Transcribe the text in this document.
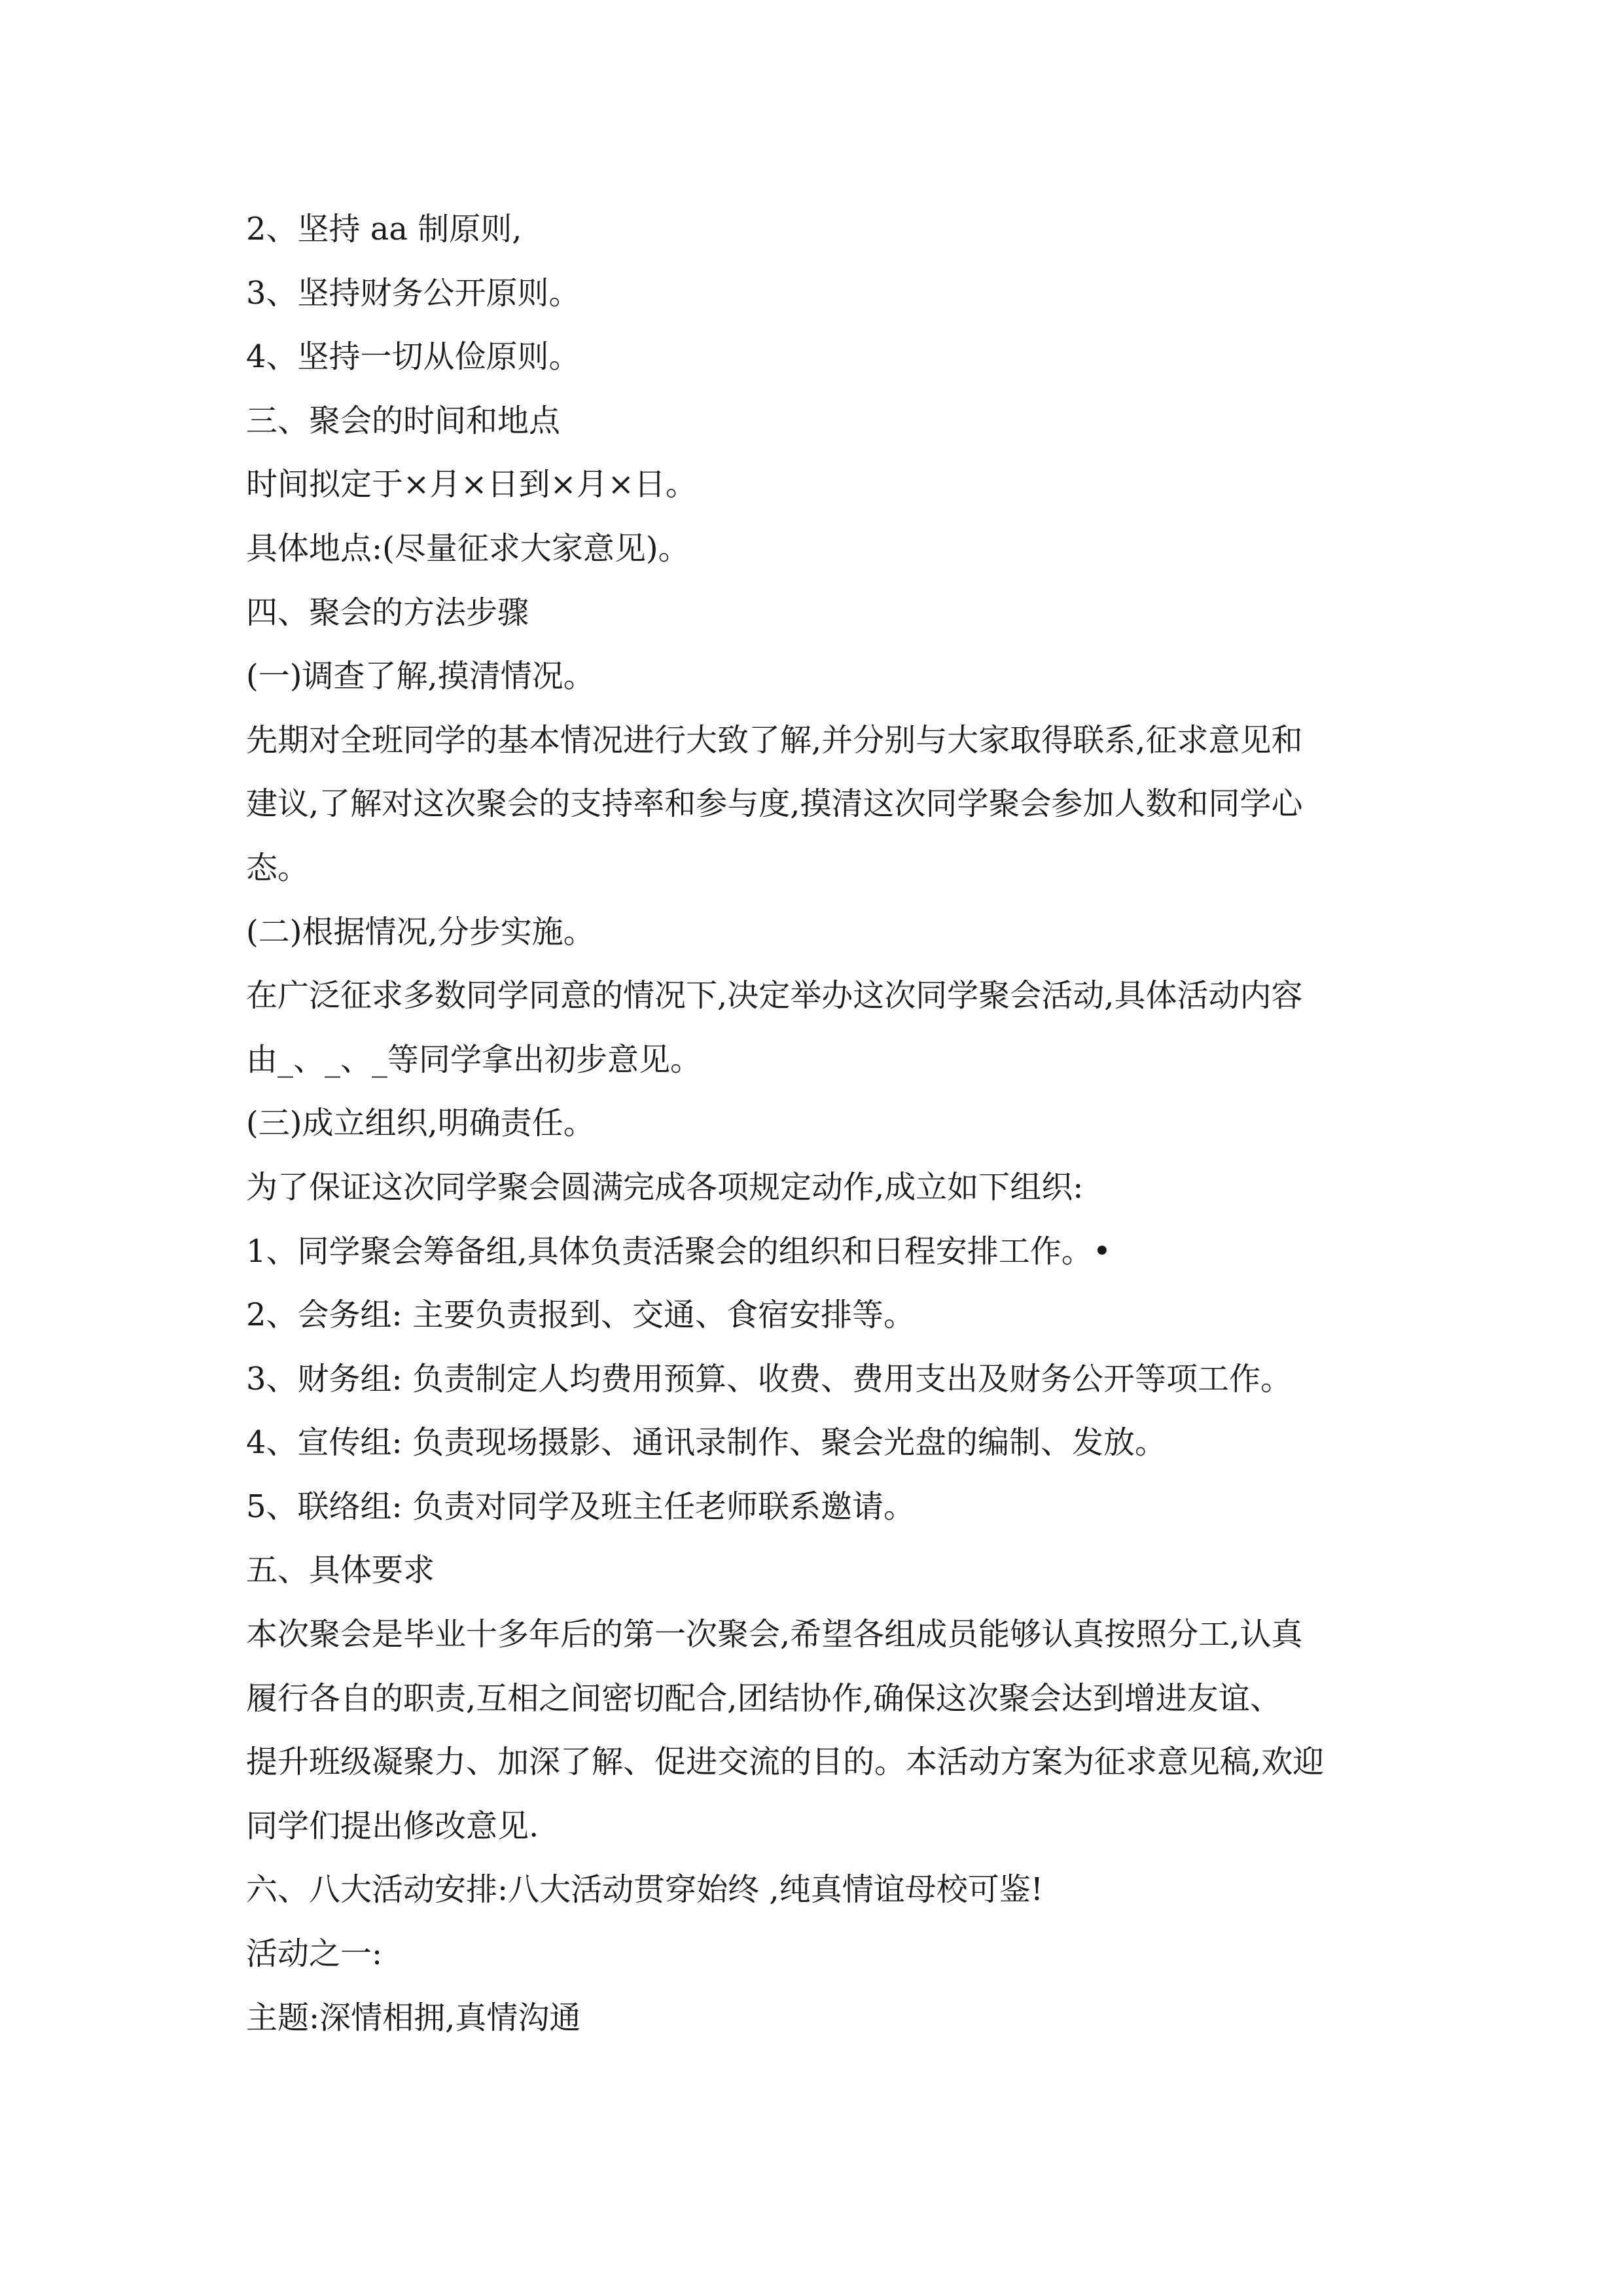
2、坚持 aa 制原则,
3、坚持财务公开原则。
4、坚持一切从俭原则。
三、聚会的时间和地点
时间拟定于×月×日到×月×日。
具体地点:(尽量征求大家意见)。
四、聚会的方法步骤
(一)调查了解,摸清情况。
先期对全班同学的基本情况进行大致了解,并分别与大家取得联系,征求意见和
建议,了解对这次聚会的支持率和参与度,摸清这次同学聚会参加人数和同学心
态。
(二)根据情况,分步实施。
在广泛征求多数同学同意的情况下,决定举办这次同学聚会活动,具体活动内容
由_、_、_等同学拿出初步意见。
(三)成立组织,明确责任。
为了保证这次同学聚会圆满完成各项规定动作,成立如下组织:
1、同学聚会筹备组,具体负责活聚会的组织和日程安排工作。•
2、会务组: 主要负责报到、交通、食宿安排等。
3、财务组: 负责制定人均费用预算、收费、费用支出及财务公开等项工作。
4、宣传组: 负责现场摄影、通讯录制作、聚会光盘的编制、发放。
5、联络组: 负责对同学及班主任老师联系邀请。
五、具体要求
本次聚会是毕业十多年后的第一次聚会,希望各组成员能够认真按照分工,认真
履行各自的职责,互相之间密切配合,团结协作,确保这次聚会达到增进友谊、
提升班级凝聚力、加深了解、促进交流的目的。本活动方案为征求意见稿,欢迎
同学们提出修改意见.
六、八大活动安排:八大活动贯穿始终 ,纯真情谊母校可鉴!
活动之一:
主题:深情相拥,真情沟通
